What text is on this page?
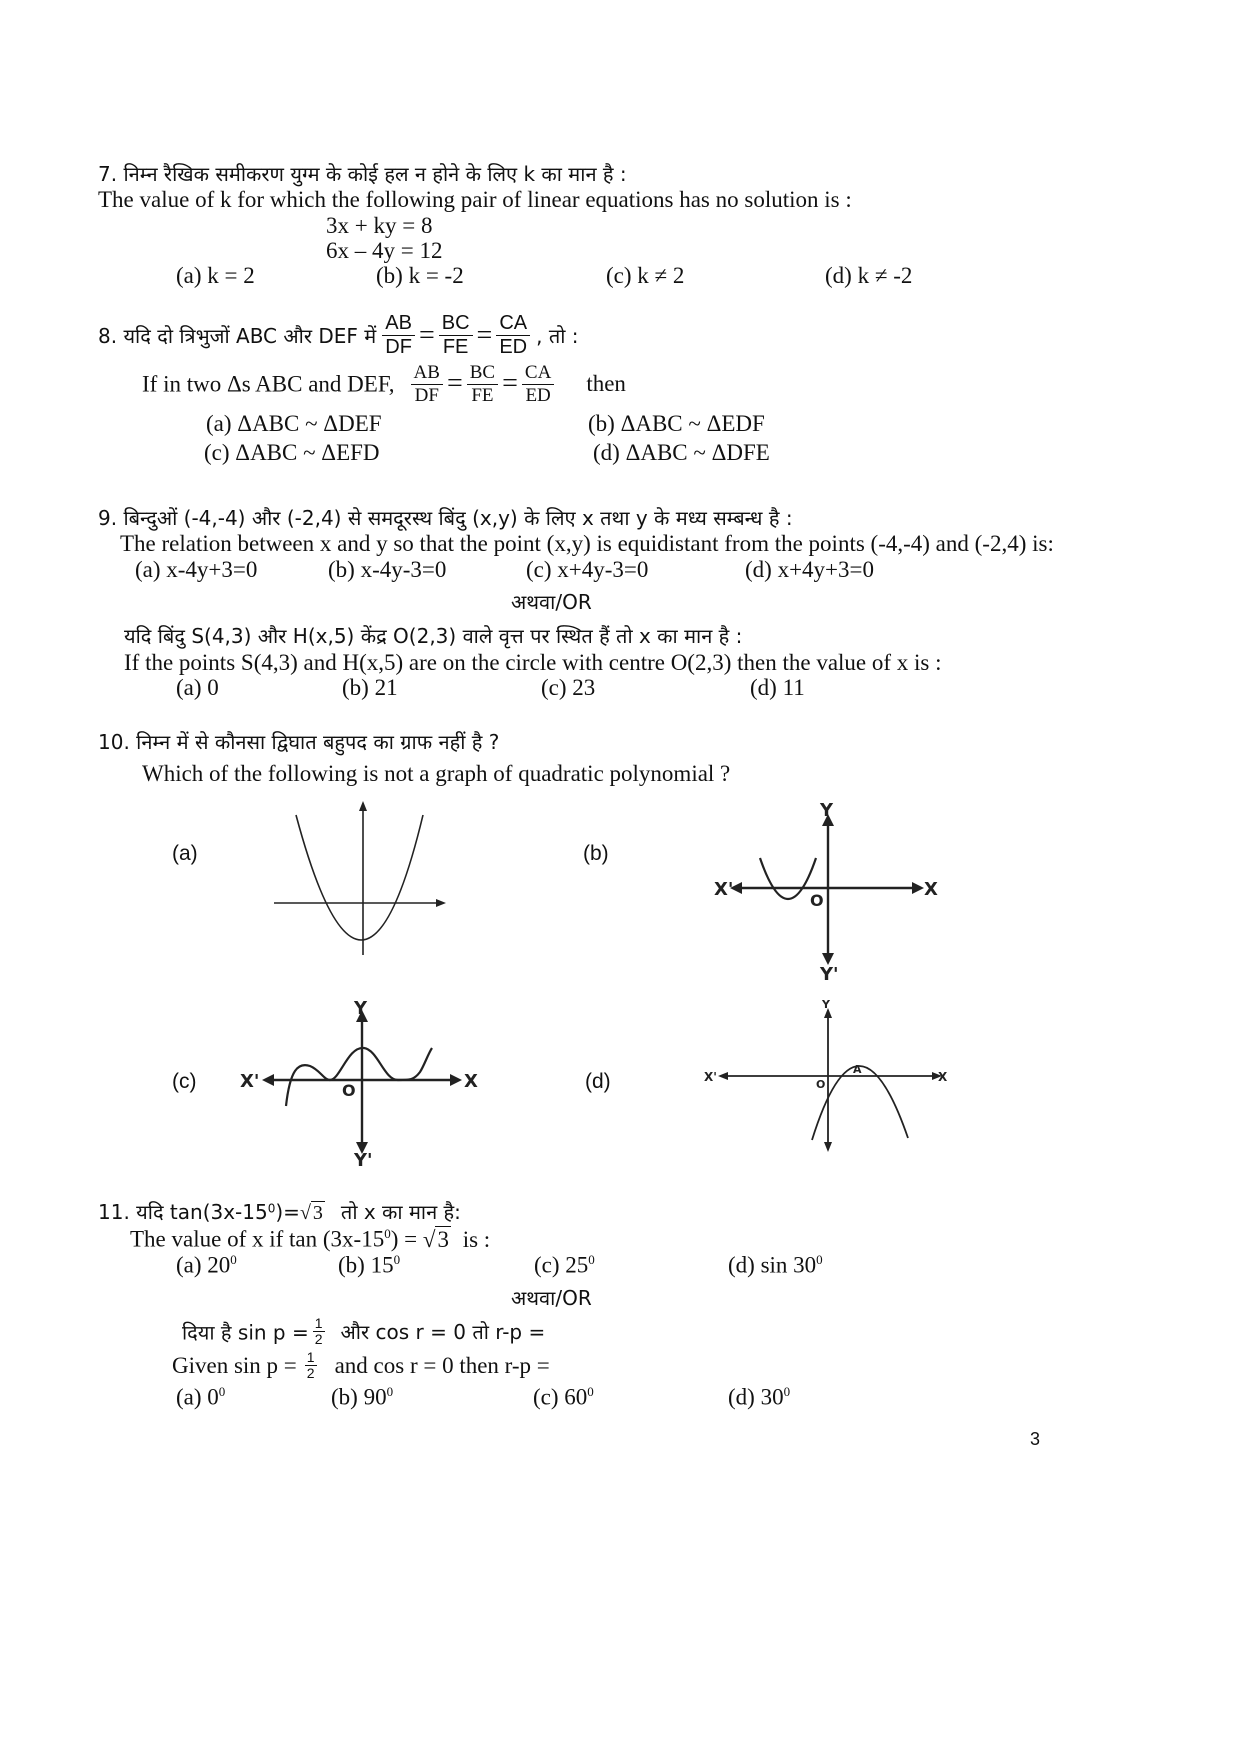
7. निम्न रैखिक समीकरण युग्म के कोई हल न होने के लिए k का मान है :
The value of k for which the following pair of linear equations has no solution is :
3x + ky = 8
6x – 4y = 12
(a) k = 2	(b) k = -2	(c) k ≠ 2	(d) k ≠ -2
8. यदि दो त्रिभुजों ABC और DEF में $\frac{AB}{DF} = \frac{BC}{FE} = \frac{CA}{ED}$ , तो :
If in two Δs ABC and DEF, $\frac{AB}{DF} = \frac{BC}{FE} = \frac{CA}{ED}$ then
(a) ΔABC ~ ΔDEF	(b) ΔABC ~ ΔEDF
(c) ΔABC ~ ΔEFD	(d) ΔABC ~ ΔDFE
9. बिन्दुओं (-4,-4) और (-2,4) से समदूरस्थ बिंदु (x,y) के लिए x तथा y के मध्य सम्बन्ध है :
The relation between x and y so that the point (x,y) is equidistant from the points (-4,-4) and (-2,4) is:
(a) x-4y+3=0	(b) x-4y-3=0	(c) x+4y-3=0	(d) x+4y+3=0
अथवा/OR
यदि बिंदु S(4,3) और H(x,5) केंद्र O(2,3) वाले वृत्त पर स्थित हैं तो x का मान है :
If the points S(4,3) and H(x,5) are on the circle with centre O(2,3) then the value of x is :
(a) 0	(b) 21	(c) 23	(d) 11
10. निम्न में से कौनसा द्विघात बहुपद का ग्राफ नहीं है ?
Which of the following is not a graph of quadratic polynomial ?
(a)	(b)
(c)	(d)
X'	X
Y
Y'
O
X'	X
Y
Y'
O
X'	X
Y
O
A
11. यदि $\tan(3x-15^0)=√$ 3 तो x का मान है:
The value of x if $\tan (3x-15^0) = √3$ is :
(a) $20^0$	(b) $15^0$	(c) $25^0$	(d) $\sin 30^0$
अथवा/OR
दिया है $\sin p = \frac{1}{2}$ और cos r = 0 तो r-p =
Given $\sin p = \frac{1}{2}$ and cos r = 0 then r-p =
(a) $0^0$	(b) $90^0$	(c) $60^0$	(d) $30^0$
3
